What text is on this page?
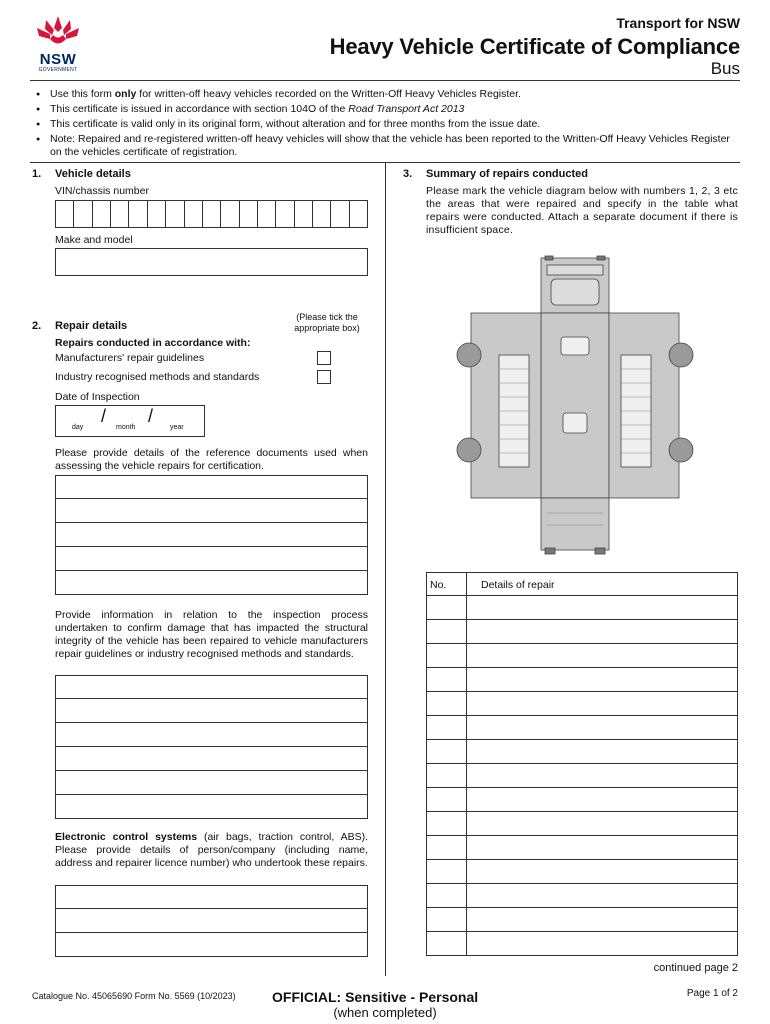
NSW
GOVERNMENT
Transport for NSW
Heavy Vehicle Certificate of Compliance
Bus
● Use this form only for written-off heavy vehicles recorded on the Written-Off Heavy Vehicles Register.
● This certificate is issued in accordance with section 104O of the Road Transport Act 2013
● This certificate is valid only in its original form, without alteration and for three months from the issue date.
● Note: Repaired and re-registered written-off heavy vehicles will show that the vehicle has been reported to the Written-Off Heavy Vehicles Register on the vehicles certificate of registration.
1. Vehicle details
VIN/chassis number
Make and model
2. Repair details
(Please tick the appropriate box)
Repairs conducted in accordance with:
Manufacturers' repair guidelines
Industry recognised methods and standards
Date of Inspection
/ /
day	month	year
Please provide details of the reference documents used when assessing the vehicle repairs for certification.
Provide information in relation to the inspection process undertaken to confirm damage that has impacted the structural integrity of the vehicle has been repaired to vehicle manufacturers repair guidelines or industry recognised methods and standards.
Electronic control systems (air bags, traction control, ABS). Please provide details of person/company (including name, address and repairer licence number) who undertook these repairs.
3. Summary of repairs conducted
Please mark the vehicle diagram below with numbers 1, 2, 3 etc the areas that were repaired and specify in the table what repairs were conducted. Attach a separate document if there is insufficient space.
No.	Details of repair
continued page 2
Catalogue No. 45065690 Form No. 5569 (10/2023)	OFFICIAL: Sensitive - Personal
(when completed)
Page 1 of 2
